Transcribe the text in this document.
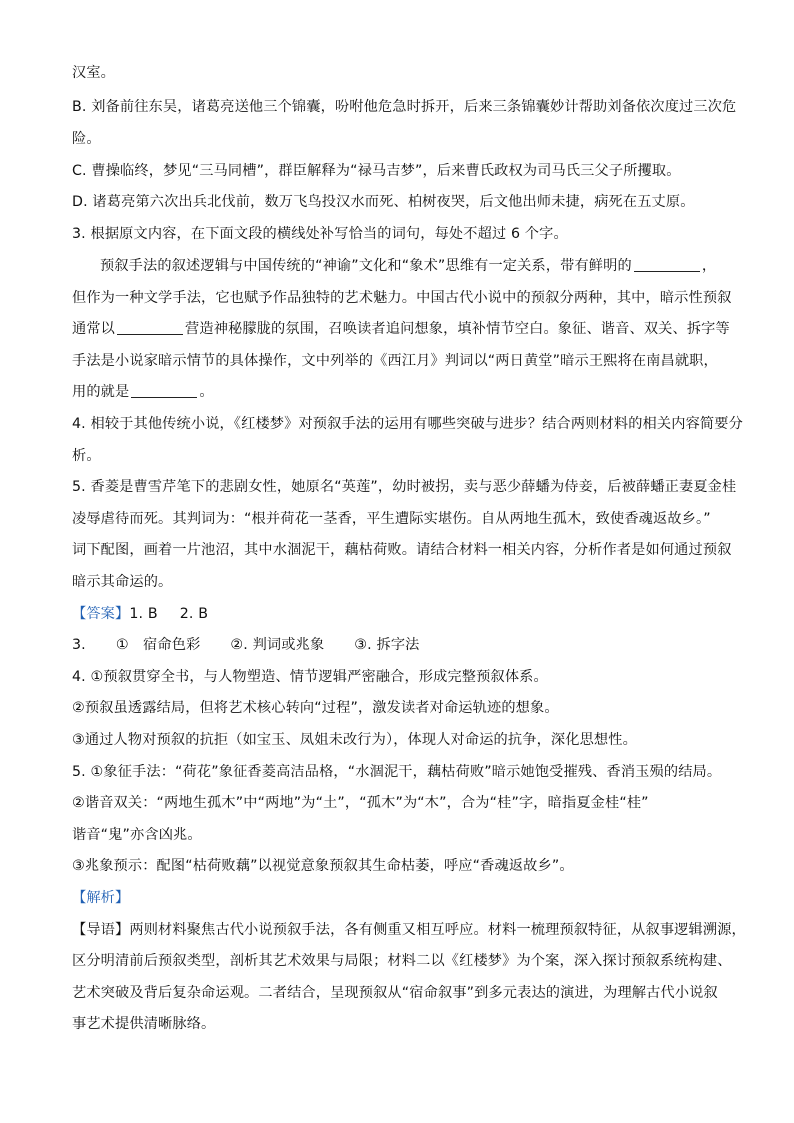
汉室。
B. 刘备前往东吴，诸葛亮送他三个锦囊，吩咐他危急时拆开，后来三条锦囊妙计帮助刘备依次度过三次危
险。
C. 曹操临终，梦见“三马同槽”，群臣解释为“禄马吉梦”，后来曹氏政权为司马氏三父子所攫取。
D. 诸葛亮第六次出兵北伐前，数万飞鸟投汉水而死、柏树夜哭，后文他出师未捷，病死在五丈原。
3. 根据原文内容，在下面文段的横线处补写恰当的词句，每处不超过 6 个字。
预叙手法的叙述逻辑与中国传统的“神谕”文化和“象术”思维有一定关系，带有鲜明的	，
但作为一种文学手法，它也赋予作品独特的艺术魅力。中国古代小说中的预叙分两种，其中，暗示性预叙
通常以	营造神秘朦胧的氛围，召唤读者追问想象，填补情节空白。象征、谐音、双关、拆字等
手法是小说家暗示情节的具体操作，文中列举的《西江月》判词以“两日黄堂”暗示王熙将在南昌就职，
用的就是	。
4. 相较于其他传统小说，《红楼梦》对预叙手法的运用有哪些突破与进步？结合两则材料的相关内容简要分
析。
5. 香菱是曹雪芹笔下的悲剧女性，她原名“英莲”，幼时被拐，卖与恶少薛蟠为侍妾，后被薛蟠正妻夏金桂
凌辱虐待而死。其判词为：“根并荷花一茎香，平生遭际实堪伤。自从两地生孤木，致使香魂返故乡。”
词下配图，画着一片池沼，其中水涸泥干，藕枯荷败。请结合材料一相关内容，分析作者是如何通过预叙
暗示其命运的。
【答案】1. B 2. B
3. ①　宿命色彩 ②. 判词或兆象 ③. 拆字法
4. ①预叙贯穿全书，与人物塑造、情节逻辑严密融合，形成完整预叙体系。
②预叙虽透露结局，但将艺术核心转向“过程”，激发读者对命运轨迹的想象。
③通过人物对预叙的抗拒（如宝玉、凤姐未改行为），体现人对命运的抗争，深化思想性。
5. ①象征手法：“荷花”象征香菱高洁品格，“水涸泥干，藕枯荷败”暗示她饱受摧残、香消玉殒的结局。
②谐音双关：“两地生孤木”中“两地”为“土”，“孤木”为“木”，合为“桂”字，暗指夏金桂“桂”
谐音“鬼”亦含凶兆。
③兆象预示：配图“枯荷败藕”以视觉意象预叙其生命枯萎，呼应“香魂返故乡”。
【解析】
【导语】两则材料聚焦古代小说预叙手法，各有侧重又相互呼应。材料一梳理预叙特征，从叙事逻辑溯源，
区分明清前后预叙类型，剖析其艺术效果与局限；材料二以《红楼梦》为个案，深入探讨预叙系统构建、
艺术突破及背后复杂命运观。二者结合，呈现预叙从“宿命叙事”到多元表达的演进，为理解古代小说叙
事艺术提供清晰脉络。
